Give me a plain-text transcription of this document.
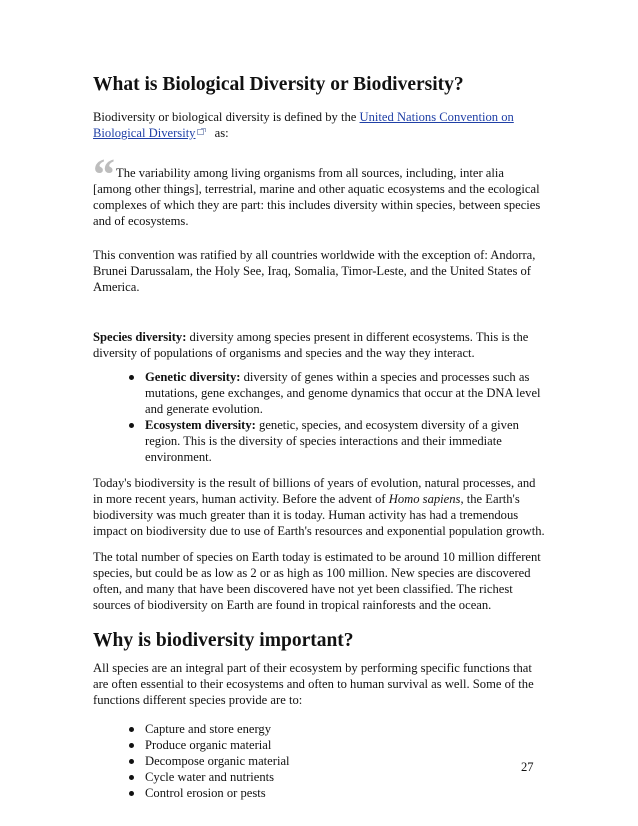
What is Biological Diversity or Biodiversity?

Biodiversity or biological diversity is defined by the United Nations Convention on Biological Diversity as:

“The variability among living organisms from all sources, including, inter alia [among other things], terrestrial, marine and other aquatic ecosystems and the ecological complexes of which they are part: this includes diversity within species, between species and of ecosystems.

This convention was ratified by all countries worldwide with the exception of: Andorra, Brunei Darussalam, the Holy See, Iraq, Somalia, Timor-Leste, and the United States of America.

Species diversity: diversity among species present in different ecosystems. This is the diversity of populations of organisms and species and the way they interact.

Genetic diversity: diversity of genes within a species and processes such as mutations, gene exchanges, and genome dynamics that occur at the DNA level and generate evolution.
Ecosystem diversity: genetic, species, and ecosystem diversity of a given region. This is the diversity of species interactions and their immediate environment.

Today's biodiversity is the result of billions of years of evolution, natural processes, and in more recent years, human activity. Before the advent of Homo sapiens, the Earth's biodiversity was much greater than it is today. Human activity has had a tremendous impact on biodiversity due to use of Earth's resources and exponential population growth.

The total number of species on Earth today is estimated to be around 10 million different species, but could be as low as 2 or as high as 100 million. New species are discovered often, and many that have been discovered have not yet been classified. The richest sources of biodiversity on Earth are found in tropical rainforests and the ocean.

Why is biodiversity important?

All species are an integral part of their ecosystem by performing specific functions that are often essential to their ecosystems and often to human survival as well. Some of the functions different species provide are to:

Capture and store energy
Produce organic material
Decompose organic material
Cycle water and nutrients
Control erosion or pests
27
